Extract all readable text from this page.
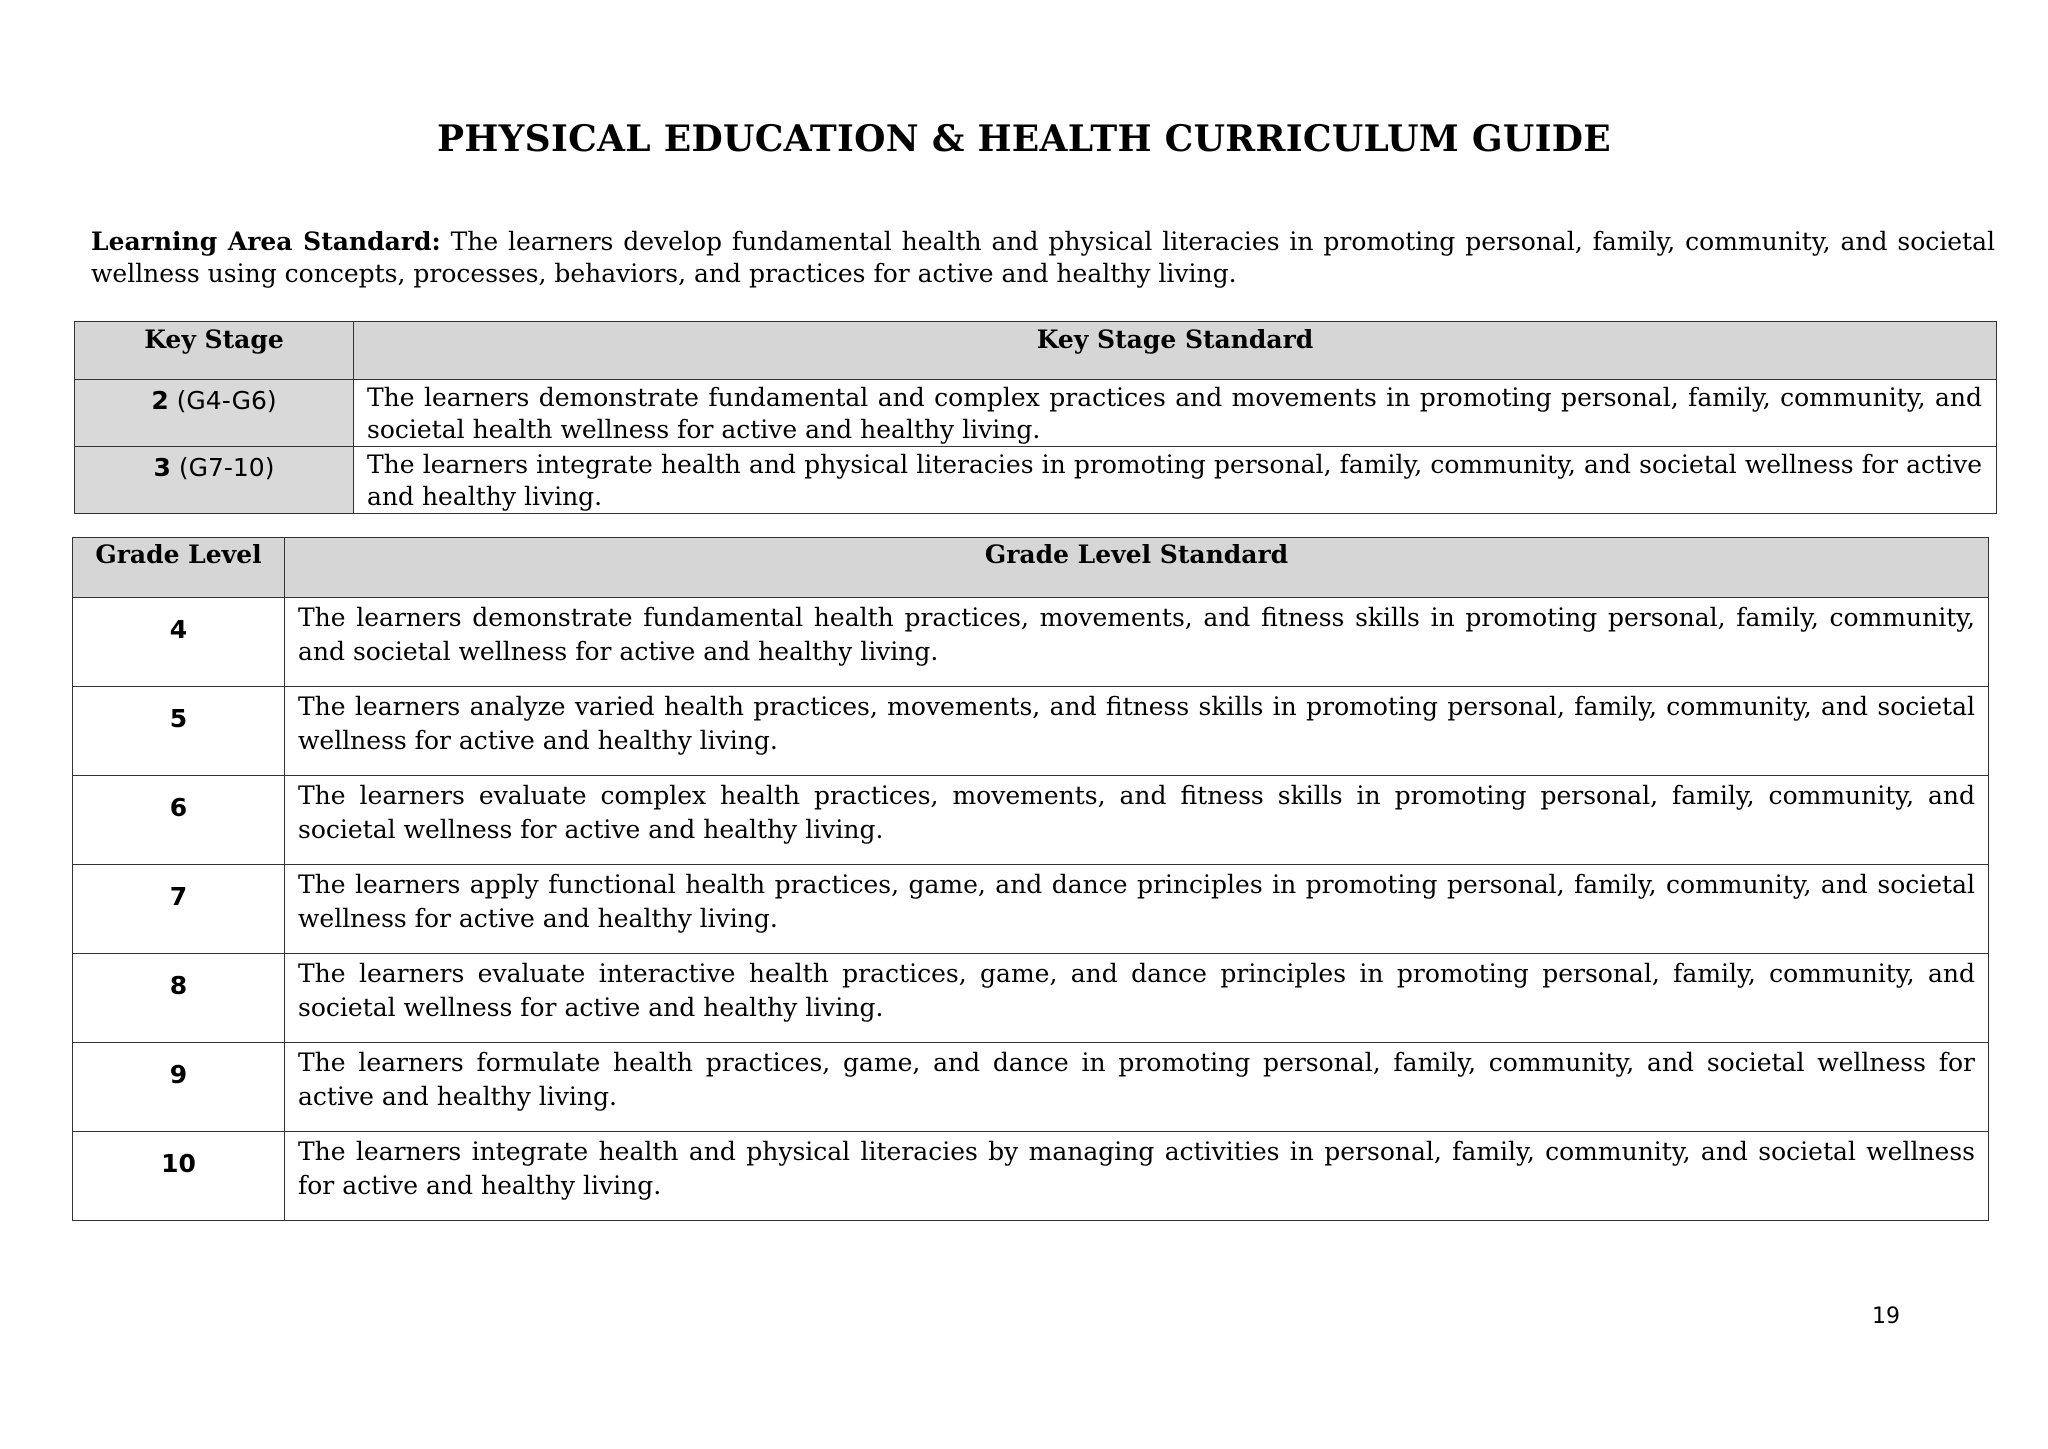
PHYSICAL EDUCATION & HEALTH CURRICULUM GUIDE
Learning Area Standard: The learners develop fundamental health and physical literacies in promoting personal, family, community, and societal wellness using concepts, processes, behaviors, and practices for active and healthy living.
Key Stage	Key Stage Standard
2 (G4-G6)	The learners demonstrate fundamental and complex practices and movements in promoting personal, family, community, and societal health wellness for active and healthy living.
3 (G7-10)	The learners integrate health and physical literacies in promoting personal, family, community, and societal wellness for active and healthy living.
Grade Level	Grade Level Standard
4	The learners demonstrate fundamental health practices, movements, and fitness skills in promoting personal, family, community, and societal wellness for active and healthy living.
5	The learners analyze varied health practices, movements, and fitness skills in promoting personal, family, community, and societal wellness for active and healthy living.
6	The learners evaluate complex health practices, movements, and fitness skills in promoting personal, family, community, and societal wellness for active and healthy living.
7	The learners apply functional health practices, game, and dance principles in promoting personal, family, community, and societal wellness for active and healthy living.
8	The learners evaluate interactive health practices, game, and dance principles in promoting personal, family, community, and societal wellness for active and healthy living.
9	The learners formulate health practices, game, and dance in promoting personal, family, community, and societal wellness for active and healthy living.
10	The learners integrate health and physical literacies by managing activities in personal, family, community, and societal wellness for active and healthy living.
19
